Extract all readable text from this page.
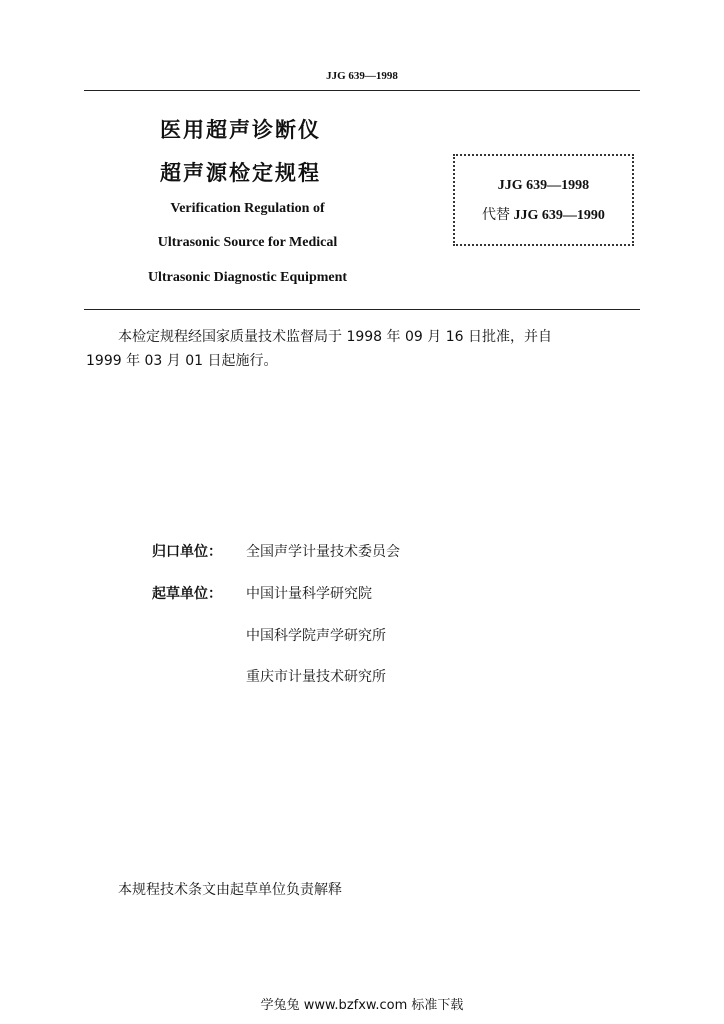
JJG 639—1998
医用超声诊断仪
超声源检定规程
Verification Regulation of
Ultrasonic Source for Medical
Ultrasonic Diagnostic Equipment
JJG 639—1998
代替 JJG 639—1990
本检定规程经国家质量技术监督局于 1998 年 09 月 16 日批准，并自
1999 年 03 月 01 日起施行。
归口单位： 全国声学计量技术委员会
起草单位： 中国计量科学研究院
中国科学院声学研究所
重庆市计量技术研究所
本规程技术条文由起草单位负责解释
学兔兔 www.bzfxw.com 标准下载
